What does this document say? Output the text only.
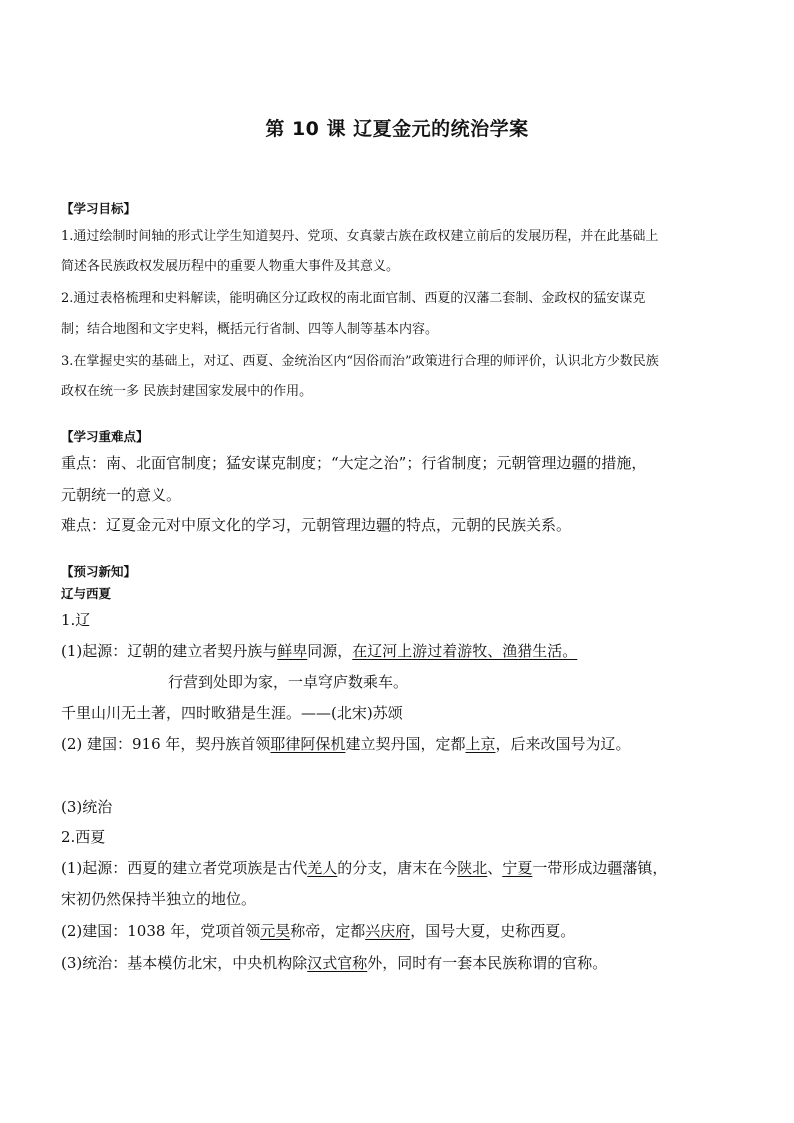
第 10 课 辽夏金元的统治学案
【学习目标】
1.通过绘制时间轴的形式让学生知道契丹、党项、女真蒙古族在政权建立前后的发展历程，并在此基础上
简述各民族政权发展历程中的重要人物重大事件及其意义。
2.通过表格梳理和史料解读，能明确区分辽政权的南北面官制、西夏的汉藩二套制、金政权的猛安谋克
制；结合地图和文字史料，概括元行省制、四等人制等基本内容。
3.在掌握史实的基础上，对辽、西夏、金统治区内“因俗而治”政策进行合理的师评价，认识北方少数民族
政权在统一多 民族封建国家发展中的作用。
【学习重难点】
重点：南、北面官制度；猛安谋克制度；“大定之治”；行省制度；元朝管理边疆的措施，
元朝统一的意义。
难点：辽夏金元对中原文化的学习，元朝管理边疆的特点，元朝的民族关系。
【预习新知】
辽与西夏
1.辽
(1)起源：辽朝的建立者契丹族与鲜卑同源，在辽河上游过着游牧、渔猎生活。
行营到处即为家，一卓穹庐数乘车。
千里山川无土著，四时畋猎是生涯。——(北宋)苏颂
(2) 建国：916 年，契丹族首领耶律阿保机建立契丹国，定都上京，后来改国号为辽。
(3)统治
2.西夏
(1)起源：西夏的建立者党项族是古代羌人的分支，唐末在今陕北、宁夏一带形成边疆藩镇，
宋初仍然保持半独立的地位。
(2)建国：1038 年，党项首领元昊称帝，定都兴庆府，国号大夏，史称西夏。
(3)统治：基本模仿北宋，中央机构除汉式官称外，同时有一套本民族称谓的官称。
